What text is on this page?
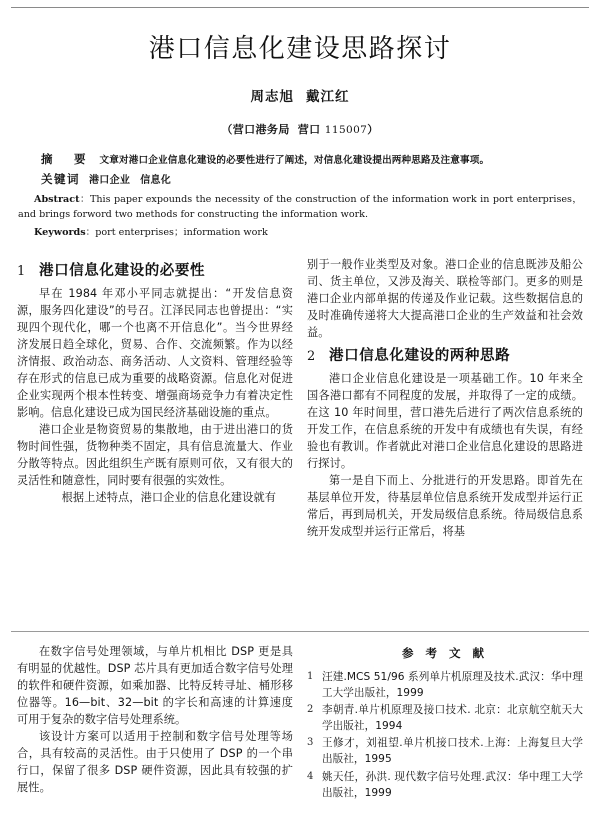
港口信息化建设思路探讨
周志旭 戴江红
（营口港务局 营口 115007）
摘　要 文章对港口企业信息化建设的必要性进行了阐述，对信息化建设提出两种思路及注意事项。
关键词 港口企业 信息化
Abstract：This paper expounds the necessity of the construction of the information work in port enterprises，and brings forword two methods for constructing the information work.
Keywords：port enterprises；information work
1 港口信息化建设的必要性

早在 1984 年邓小平同志就提出：“开发信息资源，服务四化建设”的号召。江泽民同志也曾提出：“实现四个现代化，哪一个也离不开信息化”。当今世界经济发展日趋全球化，贸易、合作、交流频繁。作为以经济情报、政治动态、商务活动、人文资料、管理经验等存在形式的信息已成为重要的战略资源。信息化对促进企业实现两个根本性转变、增强商场竞争力有着决定性影响。信息化建设已成为国民经济基础设施的重点。

港口企业是物资贸易的集散地，由于进出港口的货物时间性强，货物种类不固定，具有信息流量大、作业分散等特点。因此组织生产既有原则可依，又有很大的灵活性和随意性，同时要有很强的实效性。

　　根据上述特点，港口企业的信息化建设就有

别于一般作业类型及对象。港口企业的信息既涉及船公司、货主单位，又涉及海关、联检等部门。更多的则是港口企业内部单据的传递及作业记载。这些数据信息的及时准确传递将大大提高港口企业的生产效益和社会效益。

2 港口信息化建设的两种思路

港口企业信息化建设是一项基础工作。10 年来全国各港口都有不同程度的发展，并取得了一定的成绩。在这 10 年时间里，营口港先后进行了两次信息系统的开发工作，在信息系统的开发中有成绩也有失误，有经验也有教训。作者就此对港口企业信息化建设的思路进行探讨。

第一是自下而上、分批进行的开发思路。即首先在基层单位开发，待基层单位信息系统开发成型并运行正常后，再到局机关，开发局级信息系统。待局级信息系统开发成型并运行正常后，将基

在数字信号处理领域，与单片机相比 DSP 更是具有明显的优越性。DSP 芯片具有更加适合数字信号处理的软件和硬件资源，如乘加器、比特反转寻址、桶形移位器等。16—bit、32—bit 的字长和高速的计算速度可用于复杂的数字信号处理系统。

该设计方案可以适用于控制和数字信号处理等场合，具有较高的灵活性。由于只使用了 DSP 的一个串行口，保留了很多 DSP 硬件资源，因此具有较强的扩展性。

参 考 文 献
1 汪建.MCS 51/96 系列单片机原理及技术.武汉：华中理工大学出版社，1999
2 李朝青.单片机原理及接口技术. 北京：北京航空航天大学出版社，1994
3 王修才，刘祖望.单片机接口技术.上海：上海复旦大学出版社，1995
4 姚天任，孙洪. 现代数字信号处理.武汉：华中理工大学出版社，1999
